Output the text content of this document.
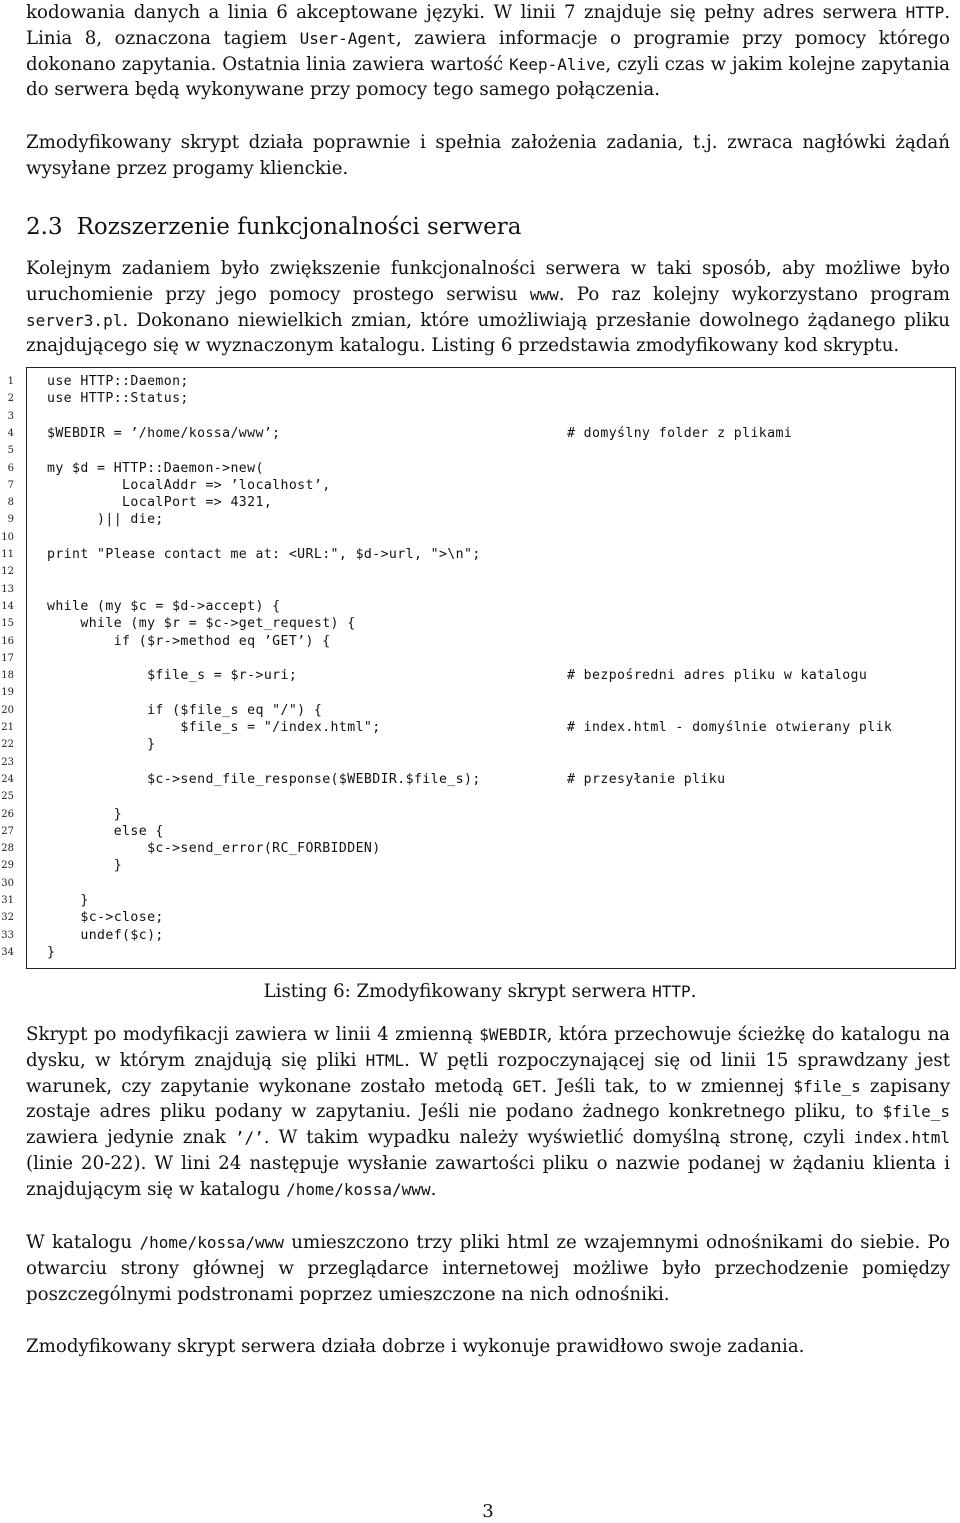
kodowania danych a linia 6 akceptowane języki. W linii 7 znajduje się pełny adres serwera HTTP. Linia 8, oznaczona tagiem User-Agent, zawiera informacje o programie przy pomocy którego dokonano zapytania. Ostatnia linia zawiera wartość Keep-Alive, czyli czas w jakim kolejne zapytania do serwera będą wykonywane przy pomocy tego samego połączenia.

Zmodyfikowany skrypt działa poprawnie i spełnia założenia zadania, t.j. zwraca nagłówki żądań wysyłane przez progamy klienckie.

2.3 Rozszerzenie funkcjonalności serwera

Kolejnym zadaniem było zwiększenie funkcjonalności serwera w taki sposób, aby możliwe było uruchomienie przy jego pomocy prostego serwisu www. Po raz kolejny wykorzystano program server3.pl. Dokonano niewielkich zmian, które umożliwiają przesłanie dowolnego żądanego pliku znajdującego się w wyznaczonym katalogu. Listing 6 przedstawia zmodyfikowany kod skryptu.

1	use HTTP::Daemon;
2	use HTTP::Status;
3
4	$WEBDIR = ’/home/kossa/www’;	# domyślny folder z plikami
5
6	my $d = HTTP::Daemon->new(
7	LocalAddr => ’localhost’,
8	LocalPort => 4321,
9	)|| die;
10
11	print "Please contact me at: <URL:", $d->url, ">\n";
12
13
14	while (my $c = $d->accept) {
15	while (my $r = $c->get_request) {
16	if ($r->method eq ’GET’) {
17
18	$file_s = $r->uri;	# bezpośredni adres pliku w katalogu
19
20	if ($file_s eq "/") {
21	$file_s = "/index.html";	# index.html - domyślnie otwierany plik
22	}
23
24	$c->send_file_response($WEBDIR.$file_s);	# przesyłanie pliku
25
26	}
27	else {
28	$c->send_error(RC_FORBIDDEN)
29	}
30
31	}
32	$c->close;
33	undef($c);
34	}
Listing 6: Zmodyfikowany skrypt serwera HTTP.

Skrypt po modyfikacji zawiera w linii 4 zmienną $WEBDIR, która przechowuje ścieżkę do katalogu na dysku, w którym znajdują się pliki HTML. W pętli rozpoczynającej się od linii 15 sprawdzany jest warunek, czy zapytanie wykonane zostało metodą GET. Jeśli tak, to w zmiennej $file_s zapisany zostaje adres pliku podany w zapytaniu. Jeśli nie podano żadnego konkretnego pliku, to $file_s zawiera jedynie znak ’/’. W takim wypadku należy wyświetlić domyślną stronę, czyli index.html (linie 20-22). W lini 24 następuje wysłanie zawartości pliku o nazwie podanej w żądaniu klienta i znajdującym się w katalogu /home/kossa/www.

W katalogu /home/kossa/www umieszczono trzy pliki html ze wzajemnymi odnośnikami do siebie. Po otwarciu strony głównej w przeglądarce internetowej możliwe było przechodzenie pomiędzy poszczególnymi podstronami poprzez umieszczone na nich odnośniki.

Zmodyfikowany skrypt serwera działa dobrze i wykonuje prawidłowo swoje zadania.

3
